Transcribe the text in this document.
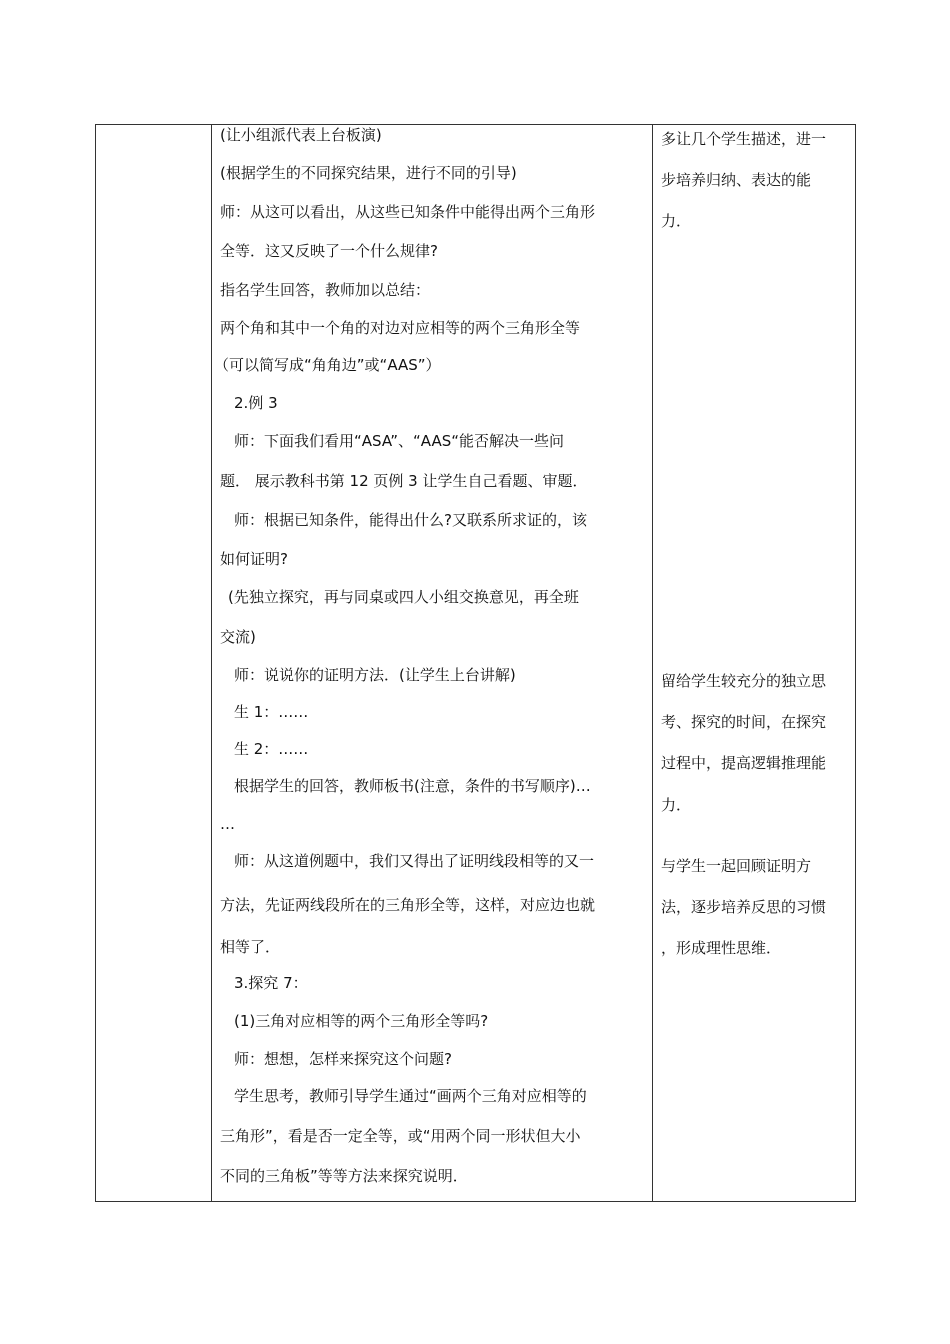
(让小组派代表上台板演)
(根据学生的不同探究结果，进行不同的引导)
师：从这可以看出，从这些已知条件中能得出两个三角形
全等．这又反映了一个什么规律?
指名学生回答，教师加以总结：
两个角和其中一个角的对边对应相等的两个三角形全等
（可以简写成“角角边”或“AAS”）
2.例 3
师：下面我们看用“ASA”、“AAS“能否解决一些问
题． 展示教科书第 12 页例 3 让学生自己看题、审题．
师：根据已知条件，能得出什么?又联系所求证的，该
如何证明?
(先独立探究，再与同桌或四人小组交换意见，再全班
交流)
师：说说你的证明方法．(让学生上台讲解)
生 1：……
生 2：……
根据学生的回答，教师板书(注意，条件的书写顺序)…
…
师：从这道例题中，我们又得出了证明线段相等的又一
方法，先证两线段所在的三角形全等，这样，对应边也就
相等了．
3.探究 7：
(1)三角对应相等的两个三角形全等吗?
师：想想，怎样来探究这个问题?
学生思考，教师引导学生通过“画两个三角对应相等的
三角形”，看是否一定全等，或“用两个同一形状但大小
不同的三角板”等等方法来探究说明．

多让几个学生描述，进一
步培养归纳、表达的能
力．
留给学生较充分的独立思
考、探究的时间，在探究
过程中，提高逻辑推理能
力．
与学生一起回顾证明方
法，逐步培养反思的习惯
，形成理性思维．
